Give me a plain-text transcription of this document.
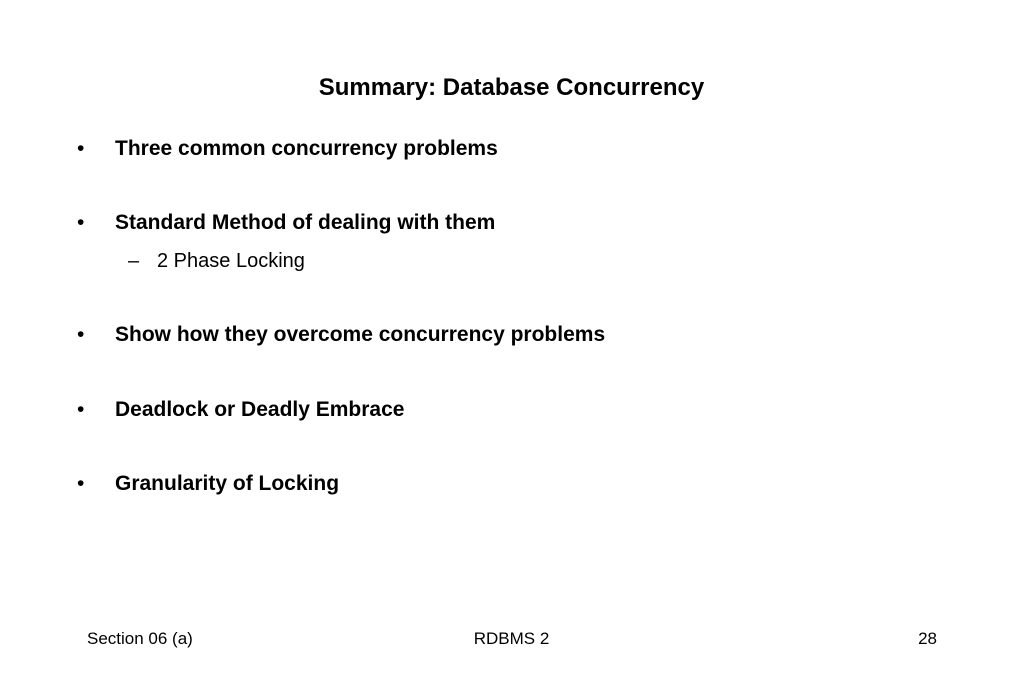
Summary: Database Concurrency
• Three common concurrency problems
• Standard Method of dealing with them
– 2 Phase Locking
• Show how they overcome concurrency problems
• Deadlock or Deadly Embrace
• Granularity of Locking
Section 06 (a)	RDBMS 2	28
